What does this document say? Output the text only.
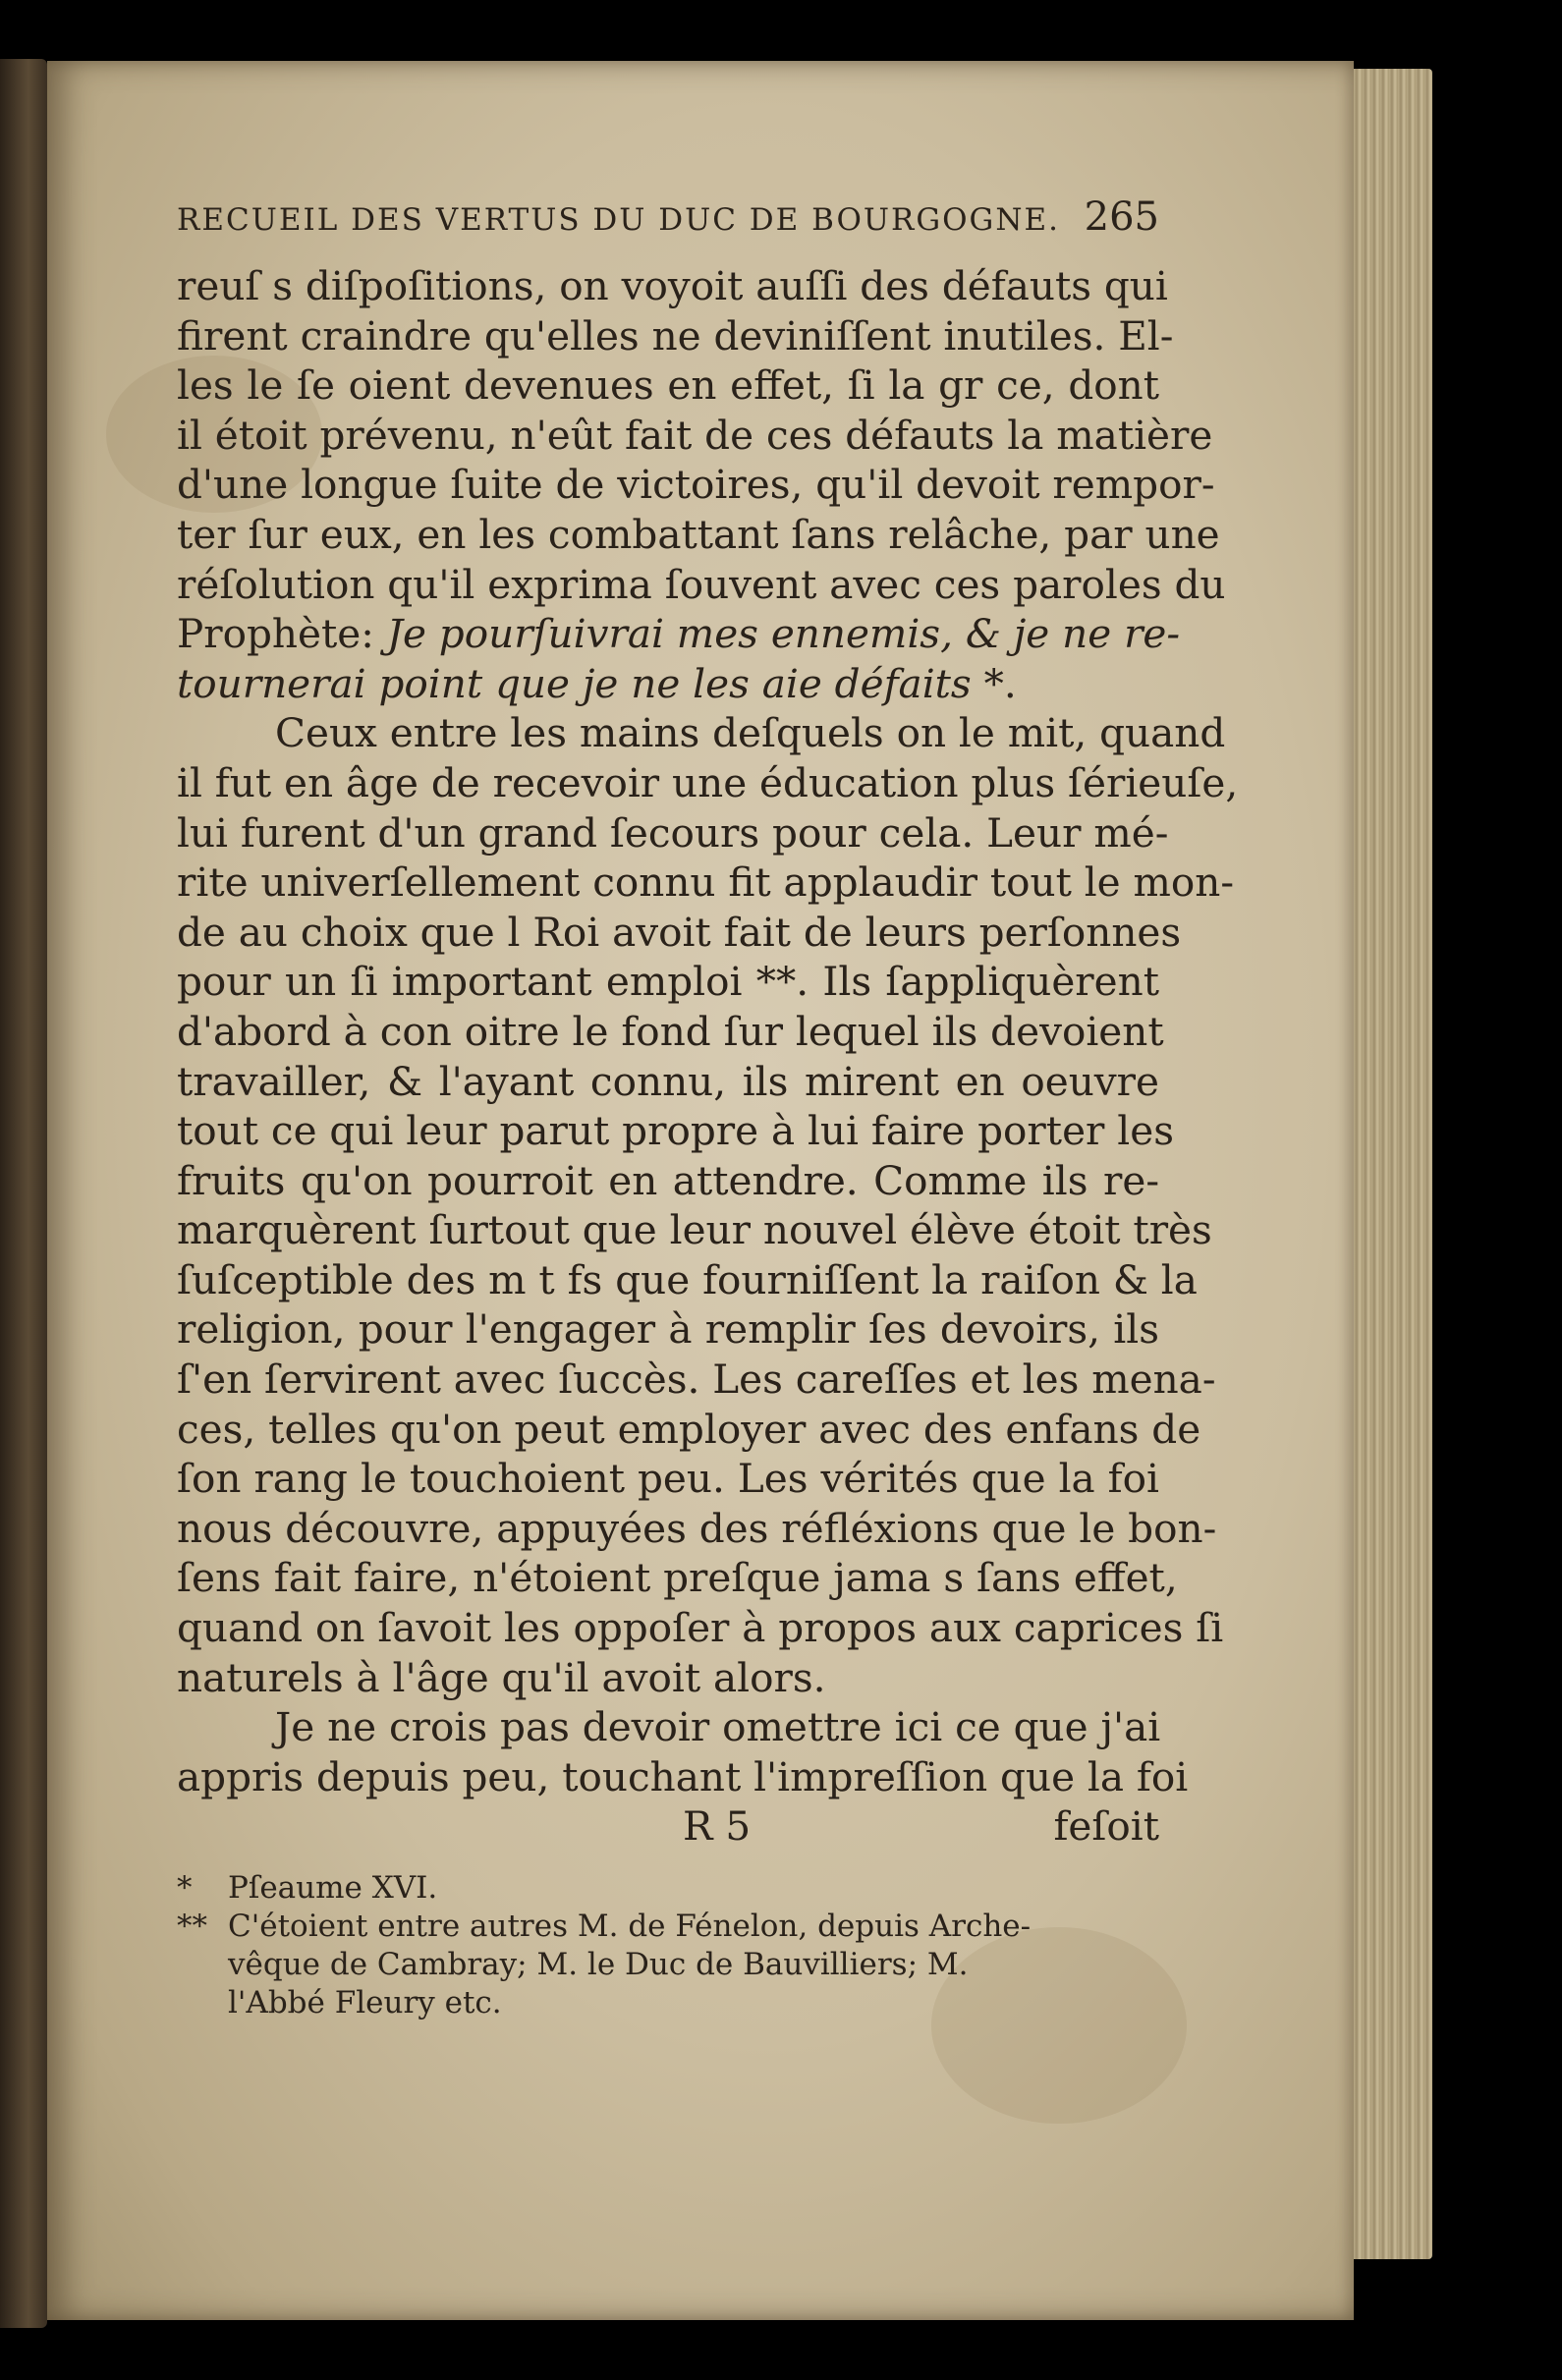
RECUEIL DES VERTUS DU DUC DE BOURGOGNE. 265
reuſ s diſpoſitions, on voyoit auſſi des défauts qui
firent craindre qu'elles ne deviniſſent inutiles. El-
les le ſe oient devenues en effet, ſi la gr ce, dont
il étoit prévenu, n'eût fait de ces défauts la matière
d'une longue ſuite de victoires, qu'il devoit rempor-
ter ſur eux, en les combattant ſans relâche, par une
réſolution qu'il exprima ſouvent avec ces paroles du
Prophète: Je pourſuivrai mes ennemis, & je ne re-
tournerai point que je ne les aie défaits *.
Ceux entre les mains deſquels on le mit, quand
il fut en âge de recevoir une éducation plus ſérieuſe,
lui furent d'un grand ſecours pour cela. Leur mé-
rite univerſellement connu fit applaudir tout le mon-
de au choix que l Roi avoit fait de leurs perſonnes
pour un ſi important emploi **. Ils ſappliquèrent
d'abord à con oitre le fond ſur lequel ils devoient
travailler, & l'ayant connu, ils mirent en oeuvre
tout ce qui leur parut propre à lui faire porter les
fruits qu'on pourroit en attendre. Comme ils re-
marquèrent ſurtout que leur nouvel élève étoit très
ſuſceptible des m t fs que fourniſſent la raiſon & la
religion, pour l'engager à remplir ſes devoirs, ils
ſ'en ſervirent avec ſuccès. Les careſſes et les mena-
ces, telles qu'on peut employer avec des enfans de
ſon rang le touchoient peu. Les vérités que la foi
nous découvre, appuyées des réfléxions que le bon-
ſens fait faire, n'étoient preſque jama s ſans effet,
quand on ſavoit les oppoſer à propos aux caprices ſi
naturels à l'âge qu'il avoit alors.
Je ne crois pas devoir omettre ici ce que j'ai
appris depuis peu, touchant l'impreſſion que la foi
R 5	feſoit
* Pſeaume XVI.
** C'étoient entre autres M. de Fénelon, depuis Arche-
vêque de Cambray; M. le Duc de Bauvilliers; M.
l'Abbé Fleury etc.
